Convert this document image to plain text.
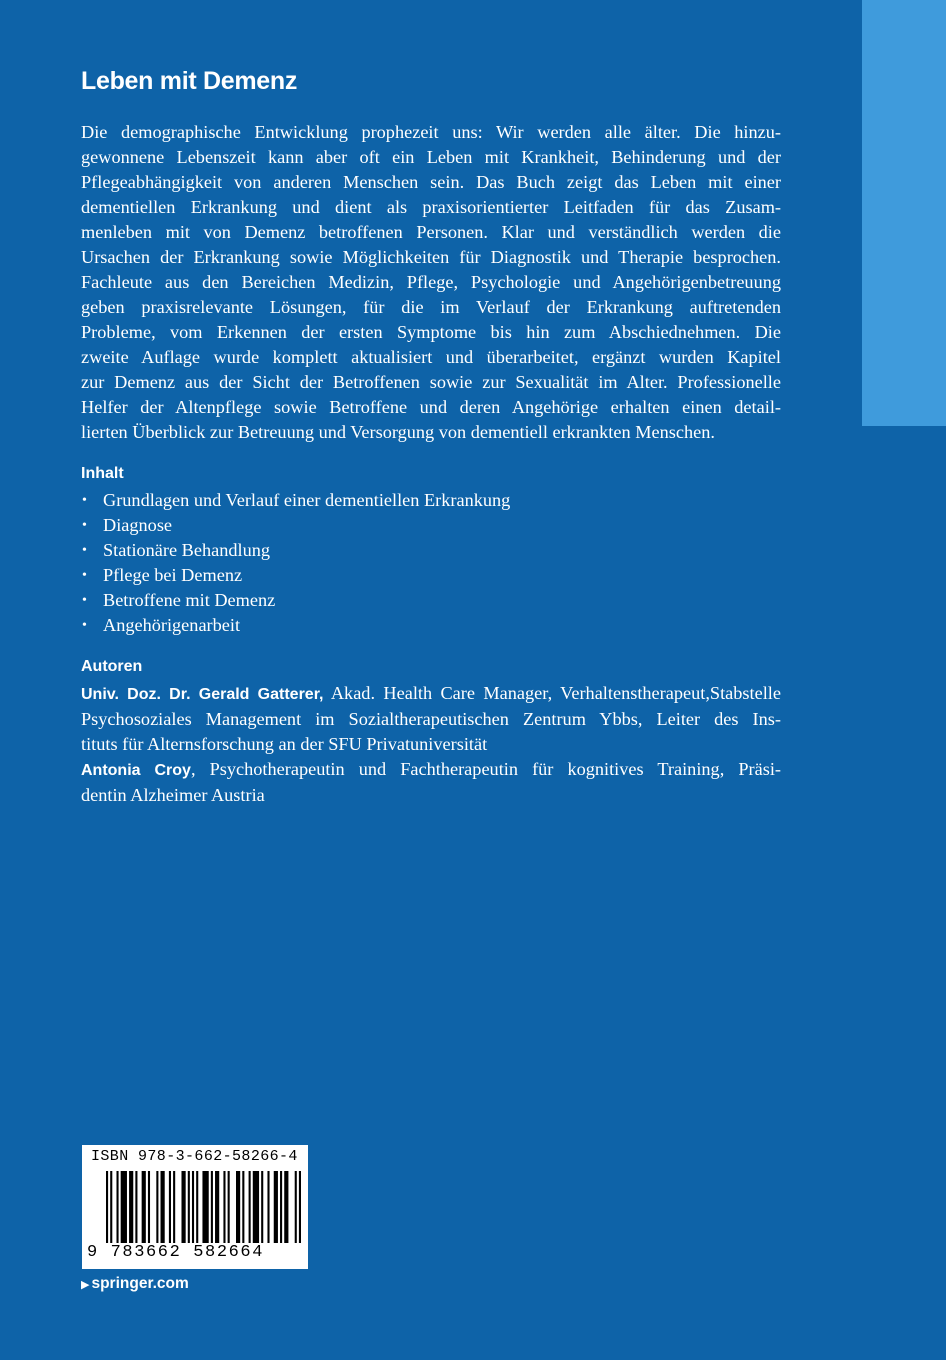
Leben mit Demenz

Die demographische Entwicklung prophezeit uns: Wir werden alle älter. Die hinzu-

gewonnene Lebenszeit kann aber oft ein Leben mit Krankheit, Behinderung und der

Pflegeabhängigkeit von anderen Menschen sein. Das Buch zeigt das Leben mit einer

dementiellen Erkrankung und dient als praxisorientierter Leitfaden für das Zusam-

menleben mit von Demenz betroffenen Personen. Klar und verständlich werden die

Ursachen der Erkrankung sowie Möglichkeiten für Diagnostik und Therapie besprochen.

Fachleute aus den Bereichen Medizin, Pflege, Psychologie und Angehörigenbetreuung

geben praxisrelevante Lösungen, für die im Verlauf der Erkrankung auftretenden

Probleme, vom Erkennen der ersten Symptome bis hin zum Abschiednehmen. Die

zweite Auflage wurde komplett aktualisiert und überarbeitet, ergänzt wurden Kapitel

zur Demenz aus der Sicht der Betroffenen sowie zur Sexualität im Alter. Professionelle

Helfer der Altenpflege sowie Betroffene und deren Angehörige erhalten einen detail-

lierten Überblick zur Betreuung und Versorgung von dementiell erkrankten Menschen.

Inhalt
• Grundlagen und Verlauf einer dementiellen Erkrankung
• Diagnose
• Stationäre Behandlung
• Pflege bei Demenz
• Betroffene mit Demenz
• Angehörigenarbeit
Autoren

Univ. Doz. Dr. Gerald Gatterer, Akad. Health Care Manager, Verhaltenstherapeut,Stabstelle

Psychosoziales Management im Sozialtherapeutischen Zentrum Ybbs, Leiter des Ins-

tituts für Alternsforschung an der SFU Privatuniversität

Antonia Croy, Psychotherapeutin und Fachtherapeutin für kognitives Training, Präsi-

dentin Alzheimer Austria

ISBN 978-3-662-58266-4
9 783662 582664
▶ springer.com
